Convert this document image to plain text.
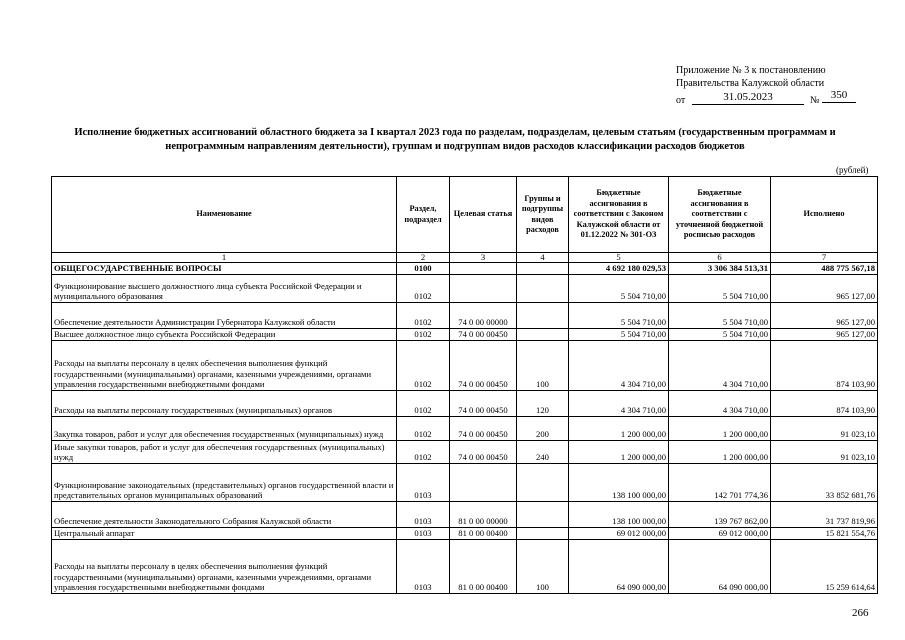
Приложение № 3 к постановлению
Правительства Калужской области
от	31.05.2023	№	350
Исполнение бюджетных ассигнований областного бюджета за I квартал 2023 года по разделам, подразделам, целевым статьям (государственным программам и непрограммным направлениям деятельности), группам и подгруппам видов расходов классификации расходов бюджетов
(рублей)
Наименование	Раздел, подраздел	Целевая статья	Группы и подгруппы видов расходов	Бюджетные ассигнования в соответствии с Законом Калужской области от 01.12.2022 № 301-ОЗ	Бюджетные ассигнования в соответствии с уточненной бюджетной росписью расходов	Исполнено
1	2	3	4	5	6	7
ОБЩЕГОСУДАРСТВЕННЫЕ ВОПРОСЫ	0100			4 692 180 029,53	3 306 384 513,31	488 775 567,18
Функционирование высшего должностного лица субъекта Российской Федерации и муниципального образования	0102			5 504 710,00	5 504 710,00	965 127,00
Обеспечение деятельности Администрации Губернатора Калужской области	0102	74 0 00 00000		5 504 710,00	5 504 710,00	965 127,00
Высшее должностное лицо субъекта Российской Федерации	0102	74 0 00 00450		5 504 710,00	5 504 710,00	965 127,00
Расходы на выплаты персоналу в целях обеспечения выполнения функций государственными (муниципальными) органами, казенными учреждениями, органами управления государственными внебюджетными фондами	0102	74 0 00 00450	100	4 304 710,00	4 304 710,00	874 103,90
Расходы на выплаты персоналу государственных (муниципальных) органов	0102	74 0 00 00450	120	4 304 710,00	4 304 710,00	874 103,90
Закупка товаров, работ и услуг для обеспечения государственных (муниципальных) нужд	0102	74 0 00 00450	200	1 200 000,00	1 200 000,00	91 023,10
Иные закупки товаров, работ и услуг для обеспечения государственных (муниципальных) нужд	0102	74 0 00 00450	240	1 200 000,00	1 200 000,00	91 023,10
Функционирование законодательных (представительных) органов государственной власти и представительных органов муниципальных образований	0103			138 100 000,00	142 701 774,36	33 852 681,76
Обеспечение деятельности Законодательного Собрания Калужской области	0103	81 0 00 00000		138 100 000,00	139 767 862,00	31 737 819,96
Центральный аппарат	0103	81 0 00 00400		69 012 000,00	69 012 000,00	15 821 554,76
Расходы на выплаты персоналу в целях обеспечения выполнения функций государственными (муниципальными) органами, казенными учреждениями, органами управления государственными внебюджетными фондами	0103	81 0 00 00400	100	64 090 000,00	64 090 000,00	15 259 614,64
266
